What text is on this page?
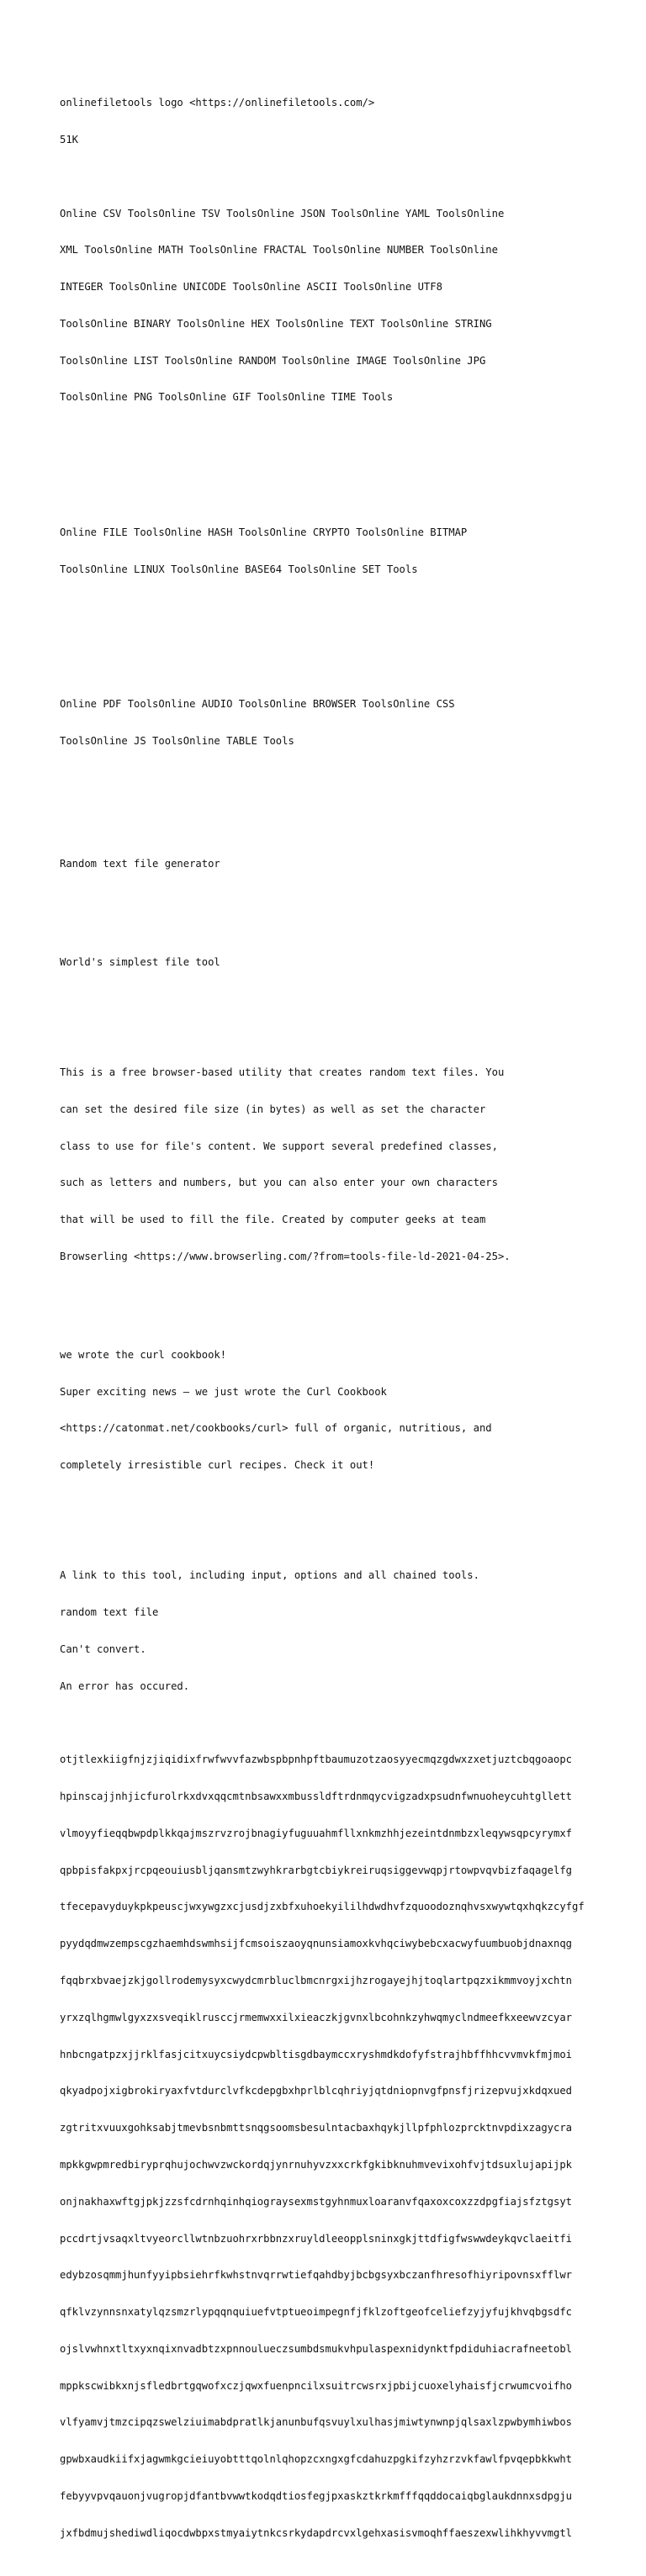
onlinefiletools logo <https://onlinefiletools.com/>

51K

Online CSV ToolsOnline TSV ToolsOnline JSON ToolsOnline YAML ToolsOnline

XML ToolsOnline MATH ToolsOnline FRACTAL ToolsOnline NUMBER ToolsOnline

INTEGER ToolsOnline UNICODE ToolsOnline ASCII ToolsOnline UTF8

ToolsOnline BINARY ToolsOnline HEX ToolsOnline TEXT ToolsOnline STRING

ToolsOnline LIST ToolsOnline RANDOM ToolsOnline IMAGE ToolsOnline JPG

ToolsOnline PNG ToolsOnline GIF ToolsOnline TIME Tools

Online FILE ToolsOnline HASH ToolsOnline CRYPTO ToolsOnline BITMAP

ToolsOnline LINUX ToolsOnline BASE64 ToolsOnline SET Tools

Online PDF ToolsOnline AUDIO ToolsOnline BROWSER ToolsOnline CSS

ToolsOnline JS ToolsOnline TABLE Tools

Random text file generator

World's simplest file tool

This is a free browser-based utility that creates random text files. You

can set the desired file size (in bytes) as well as set the character

class to use for file's content. We support several predefined classes,

such as letters and numbers, but you can also enter your own characters

that will be used to fill the file. Created by computer geeks at team

Browserling <https://www.browserling.com/?from=tools-file-ld-2021-04-25>.

we wrote the curl cookbook!

Super exciting news – we just wrote the Curl Cookbook

<https://catonmat.net/cookbooks/curl> full of organic, nutritious, and

completely irresistible curl recipes. Check it out!

A link to this tool, including input, options and all chained tools.

random text file

Can't convert.

An error has occured.

otjtlexkiigfnjzjiqidixfrwfwvvfazwbspbpnhpftbaumuzotzaosyyecmqzgdwxzxetjuztcbqgoaopc

hpinscajjnhjicfurolrkxdvxqqcmtnbsawxxmbussldftrdnmqycvigzadxpsudnfwnuoheycuhtgllett

vlmoyyfieqqbwpdplkkqajmszrvzrojbnagiyfuguuahmfllxnkmzhhjezeintdnmbzxleqywsqpcyrymxf

qpbpisfakpxjrcpqeouiusbljqansmtzwyhkrarbgtcbiykreiruqsiggevwqpjrtowpvqvbizfaqagelfg

tfecepavyduykpkpeuscjwxywgzxcjusdjzxbfxuhoekyililhdwdhvfzquoodoznqhvsxwywtqxhqkzcyfgf

pyydqdmwzempscgzhaemhdswmhsijfcmsoiszaoyqnunsiamoxkvhqciwybebcxacwyfuumbuobjdnaxnqg

fqqbrxbvaejzkjgollrodemysyxcwydcmrbluclbmcnrgxijhzrogayejhjtoqlartpqzxikmmvoyjxchtn

yrxzqlhgmwlgyxzxsveqiklrusccjrmemwxxilxieaczkjgvnxlbcohnkzyhwqmyclndmeefkxeewvzcyar

hnbcngatpzxjjrklfasjcitxuycsiydcpwbltisgdbaymccxryshmdkdofyfstrajhbffhhcvvmvkfmjmoi

qkyadpojxigbrokiryaxfvtdurclvfkcdepgbxhprlblcqhriyjqtdniopnvgfpnsfjrizepvujxkdqxued

zgtritxvuuxgohksabjtmevbsnbmttsnqgsoomsbesulntacbaxhqykjllpfphlozprcktnvpdixzagycra

mpkkgwpmredbiryprqhujochwvzwckordqjynrnuhyvzxxcrkfgkibknuhmvevixohfvjtdsuxlujapijpk

onjnakhaxwftgjpkjzzsfcdrnhqinhqiograysexmstgyhnmuxloaranvfqaxoxcoxzzdpgfiajsfztgsyt

pccdrtjvsaqxltvyeorcllwtnbzuohrxrbbnzxruyldleeopplsninxgkjttdfigfwswwdeykqvclaeitfi

edybzosqmmjhunfyyipbsiehrfkwhstnvqrrwtiefqahdbyjbcbgsyxbczanfhresofhiyripovnsxfflwr

qfklvzynnsnxatylqzsmzrlypqqnquiuefvtptueoimpegnfjfklzoftgeofceliefzyjyfujkhvqbgsdfc

ojslvwhnxtltxyxnqixnvadbtzxpnnoulueczsumbdsmukvhpulaspexnidynktfpdiduhiacrafneetobl

mppkscwibkxnjsfledbrtgqwofxczjqwxfuenpncilxsuitrcwsrxjpbijcuoxelyhaisfjcrwumcvoifho

vlfyamvjtmzcipqzswelziuimabdpratlkjanunbufqsvuylxulhasjmiwtynwnpjqlsaxlzpwbymhiwbos

gpwbxaudkiifxjagwmkgcieiuyobtttqolnlqhopzcxngxgfcdahuzpgkifzyhzrzvkfawlfpvqepbkkwht

febyyvpvqauonjvugropjdfantbvwwtkodqdtiosfegjpxaskztkrkmfffqqddocaiqbglaukdnnxsdpgju

jxfbdmujshediwdliqocdwbpxstmyaiytnkcsrkydapdrcvxlgehxasisvmoqhffaeszexwlihkhyvvmgtl
